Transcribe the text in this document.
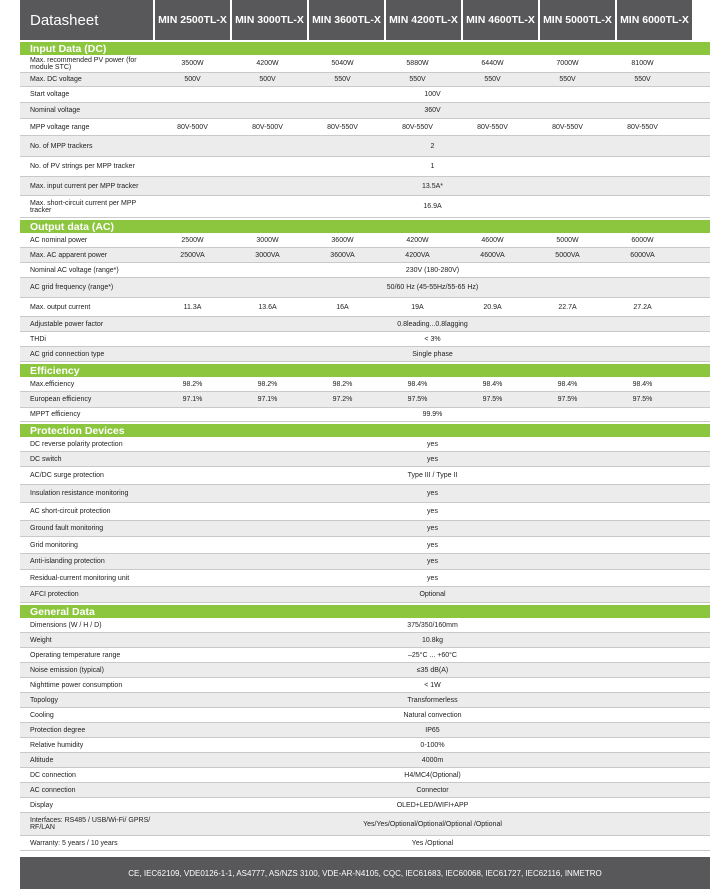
Datasheet	MIN 2500TL-X MIN 3000TL-X MIN 3600TL-X MIN 4200TL-X MIN 4600TL-X MIN 5000TL-X MIN 6000TL-X
Input Data (DC)
Max. recommended PV power (for module STC)	3500W	4200W	5040W	5880W	6440W	7000W	8100W
Max. DC voltage	500V	500V	550V	550V	550V	550V	550V
Start voltage	100V
Nominal voltage	360V
MPP voltage range	80V-500V	80V-500V	80V-550V	80V-550V	80V-550V	80V-550V	80V-550V
No. of MPP trackers	2
No. of PV strings per MPP tracker	1
Max. input current per MPP tracker	13.5A*
Max. short-circuit current per MPP tracker	16.9A
Output data (AC)
AC nominal power	2500W	3000W	3600W	4200W	4600W	5000W	6000W
Max. AC apparent power	2500VA	3000VA	3600VA	4200VA	4600VA	5000VA	6000VA
Nominal AC voltage (range*)	230V (180-280V)
AC grid frequency (range*)	50/60 Hz (45-55Hz/55-65 Hz)
Max. output current	11.3A	13.6A	16A	19A	20.9A	22.7A	27.2A
Adjustable power factor	0.8leading...0.8lagging
THDi	< 3%
AC grid connection type	Single phase
Efficiency
Max.efficiency	98.2%	98.2%	98.2%	98.4%	98.4%	98.4%	98.4%
European efficiency	97.1%	97.1%	97.2%	97.5%	97.5%	97.5%	97.5%
MPPT efficiency	99.9%
Protection Devices
DC reverse polarity protection	yes
DC switch	yes
AC/DC surge protection	Type III / Type II
Insulation resistance monitoring	yes
AC short-circuit protection	yes
Ground fault monitoring	yes
Grid monitoring	yes
Anti-islanding protection	yes
Residual-current monitoring unit	yes
AFCI protection	Optional
General Data
Dimensions (W / H / D)	375/350/160mm
Weight	10.8kg
Operating temperature range	–25°C ... +60°C
Noise emission (typical)	≤35 dB(A)
Nighttime power consumption	< 1W
Topology	Transformerless
Cooling	Natural convection
Protection degree	IP65
Relative humidity	0-100%
Altitude	4000m
DC connection	H4/MC4(Optional)
AC connection	Connector
Display	OLED+LED/WIFI+APP
Interfaces: RS485 / USB/Wi-Fi/ GPRS/ RF/LAN	Yes/Yes/Optional/Optional/Optional /Optional
Warranty: 5 years / 10 years	Yes /Optional
CE, IEC62109, VDE0126-1-1, AS4777, AS/NZS 3100, VDE-AR-N4105, CQC, IEC61683, IEC60068, IEC61727, IEC62116, INMETRO
